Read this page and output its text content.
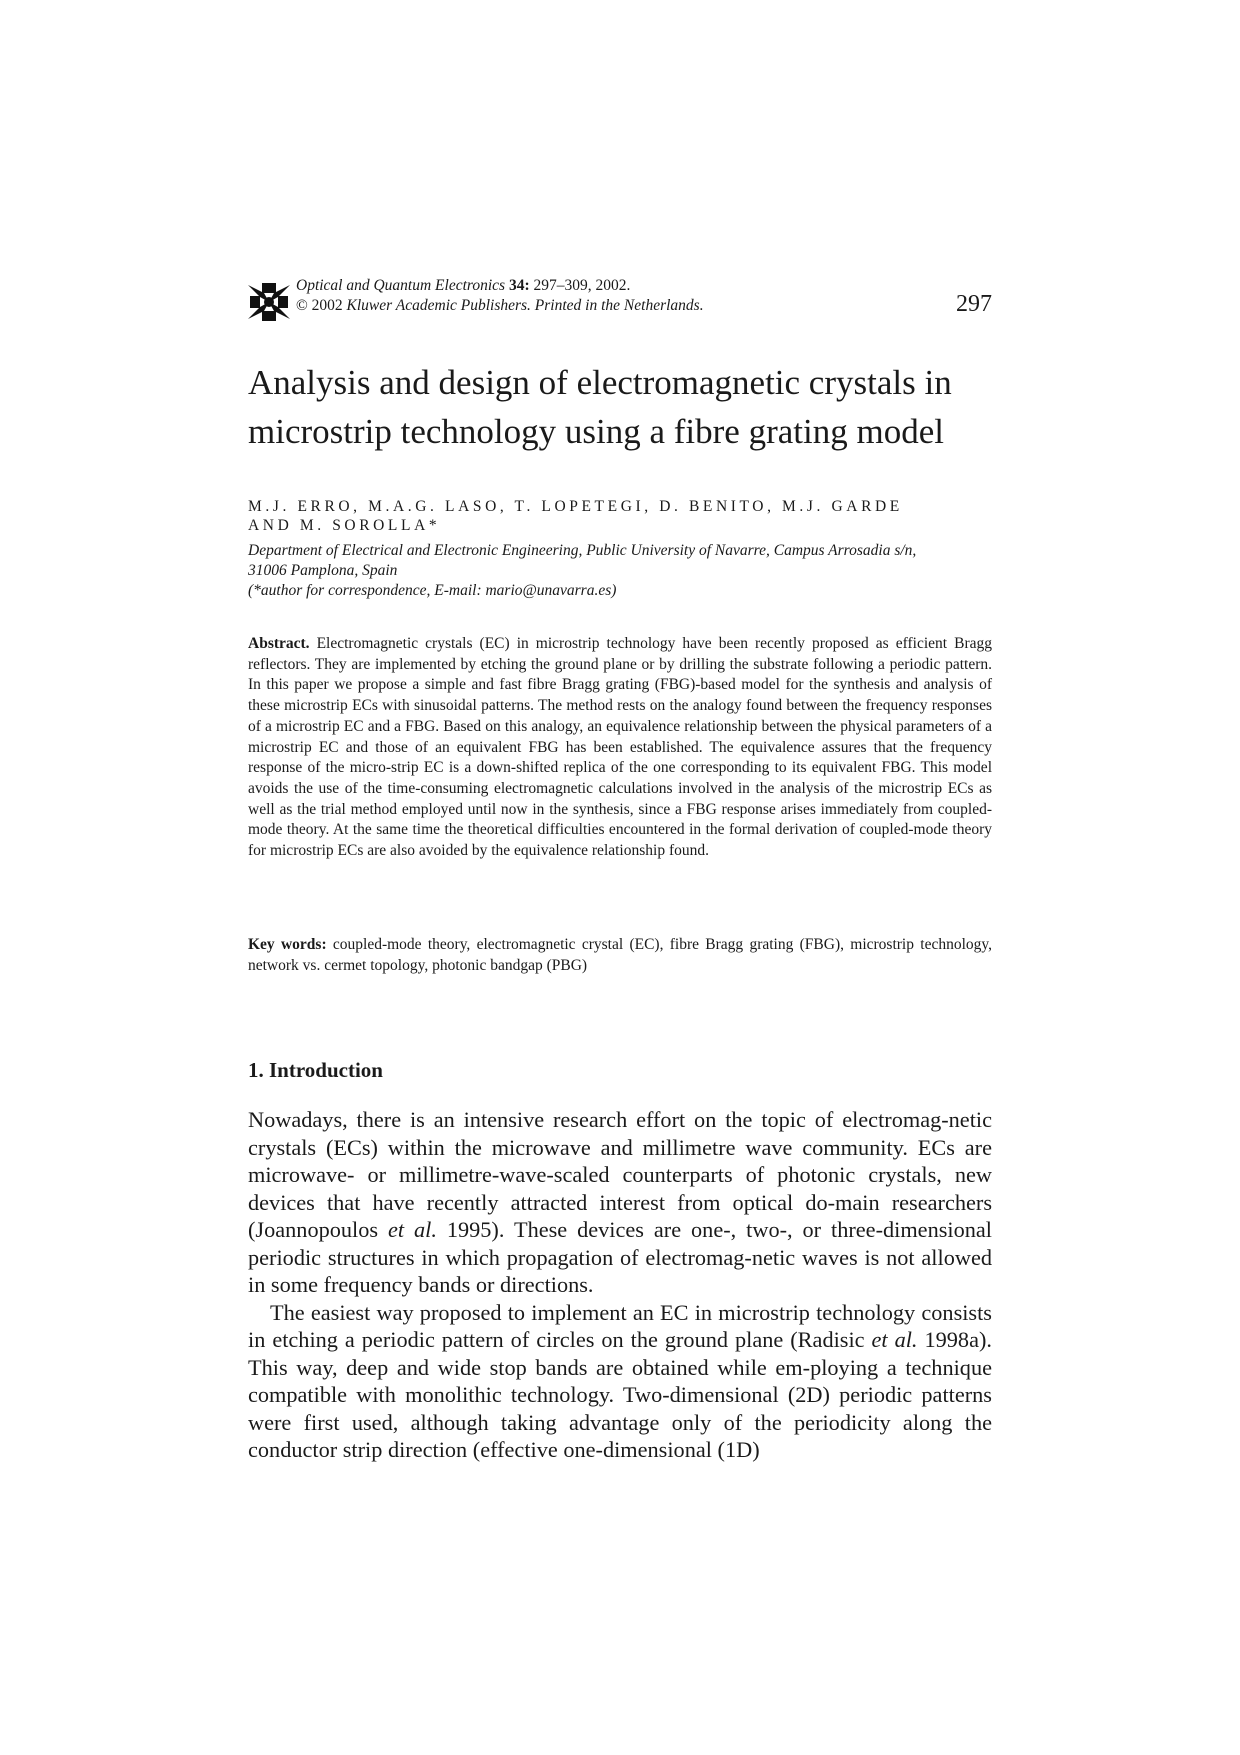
Optical and Quantum Electronics 34: 297–309, 2002.
© 2002 Kluwer Academic Publishers. Printed in the Netherlands.	297
Analysis and design of electromagnetic crystals in
microstrip technology using a fibre grating model
M.J. ERRO, M.A.G. LASO, T. LOPETEGI, D. BENITO, M.J. GARDE
AND M. SOROLLA*
Department of Electrical and Electronic Engineering, Public University of Navarre, Campus Arrosadia s/n,
31006 Pamplona, Spain
(*author for correspondence, E-mail: mario@unavarra.es)

Abstract. Electromagnetic crystals (EC) in microstrip technology have been recently proposed as efficient Bragg reflectors. They are implemented by etching the ground plane or by drilling the substrate following a periodic pattern. In this paper we propose a simple and fast fibre Bragg grating (FBG)-based model for the synthesis and analysis of these microstrip ECs with sinusoidal patterns. The method rests on the analogy found between the frequency responses of a microstrip EC and a FBG. Based on this analogy, an equivalence relationship between the physical parameters of a microstrip EC and those of an equivalent FBG has been established. The equivalence assures that the frequency response of the micro-strip EC is a down-shifted replica of the one corresponding to its equivalent FBG. This model avoids the use of the time-consuming electromagnetic calculations involved in the analysis of the microstrip ECs as well as the trial method employed until now in the synthesis, since a FBG response arises immediately from coupled-mode theory. At the same time the theoretical difficulties encountered in the formal derivation of coupled-mode theory for microstrip ECs are also avoided by the equivalence relationship found.

Key words: coupled-mode theory, electromagnetic crystal (EC), fibre Bragg grating (FBG), microstrip technology, network vs. cermet topology, photonic bandgap (PBG)

1. Introduction

Nowadays, there is an intensive research effort on the topic of electromag-netic crystals (ECs) within the microwave and millimetre wave community. ECs are microwave- or millimetre-wave-scaled counterparts of photonic crystals, new devices that have recently attracted interest from optical do-main researchers (Joannopoulos et al. 1995). These devices are one-, two-, or three-dimensional periodic structures in which propagation of electromag-netic waves is not allowed in some frequency bands or directions.

The easiest way proposed to implement an EC in microstrip technology consists in etching a periodic pattern of circles on the ground plane (Radisic et al. 1998a). This way, deep and wide stop bands are obtained while em-ploying a technique compatible with monolithic technology. Two-dimensional (2D) periodic patterns were first used, although taking advantage only of the periodicity along the conductor strip direction (effective one-dimensional (1D)
